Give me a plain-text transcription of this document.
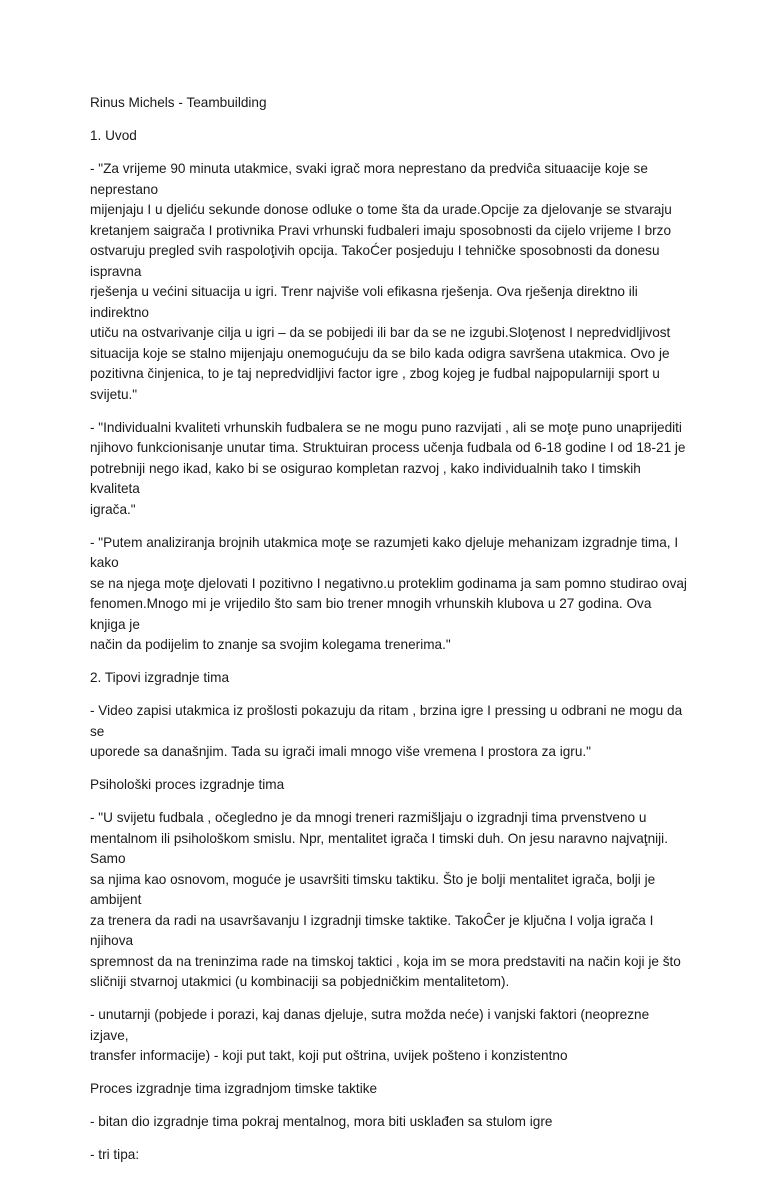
Rinus Michels - Teambuilding

1. Uvod

- "Za vrijeme 90 minuta utakmice, svaki igrač mora neprestano da predviĉa situaacije koje se neprestano
mijenjaju I u djeliću sekunde donose odluke o tome šta da urade.Opcije za djelovanje se stvaraju
kretanjem saigrača I protivnika Pravi vrhunski fudbaleri imaju sposobnosti da cijelo vrijeme I brzo
ostvaruju pregled svih raspoloţivih opcija. TakoĆer posjeduju I tehničke sposobnosti da donesu ispravna
rješenja u većini situacija u igri. Trenr najviše voli efikasna rješenja. Ova rješenja direktno ili indirektno
utiču na ostvarivanje cilja u igri – da se pobijedi ili bar da se ne izgubi.Sloţenost I nepredvidljivost
situacija koje se stalno mijenjaju onemogućuju da se bilo kada odigra savršena utakmica. Ovo je
pozitivna činjenica, to je taj nepredvidljivi factor igre , zbog kojeg je fudbal najpopularniji sport u svijetu."

- "Individualni kvaliteti vrhunskih fudbalera se ne mogu puno razvijati , ali se moţe puno unaprijediti
njihovo funkcionisanje unutar tima. Struktuiran process učenja fudbala od 6-18 godine I od 18-21 je
potrebniji nego ikad, kako bi se osigurao kompletan razvoj , kako individualnih tako I timskih kvaliteta
igrača."

- "Putem analiziranja brojnih utakmica moţe se razumjeti kako djeluje mehanizam izgradnje tima, I kako
se na njega moţe djelovati I pozitivno I negativno.u proteklim godinama ja sam pomno studirao ovaj
fenomen.Mnogo mi je vrijedilo što sam bio trener mnogih vrhunskih klubova u 27 godina. Ova knjiga je
način da podijelim to znanje sa svojim kolegama trenerima."

2. Tipovi izgradnje tima

- Video zapisi utakmica iz prošlosti pokazuju da ritam , brzina igre I pressing u odbrani ne mogu da se
uporede sa današnjim. Tada su igrači imali mnogo više vremena I prostora za igru."

Psihološki proces izgradnje tima

- "U svijetu fudbala , očegledno je da mnogi treneri razmišljaju o izgradnji tima prvenstveno u
mentalnom ili psihološkom smislu. Npr, mentalitet igrača I timski duh. On jesu naravno najvaţniji. Samo
sa njima kao osnovom, moguće je usavršiti timsku taktiku. Što je bolji mentalitet igrača, bolji je ambijent
za trenera da radi na usavršavanju I izgradnji timske taktike. TakoĈer je ključna I volja igrača I njihova
spremnost da na treninzima rade na timskoj taktici , koja im se mora predstaviti na način koji je što
sličniji stvarnoj utakmici (u kombinaciji sa pobjedničkim mentalitetom).

- unutarnji (pobjede i porazi, kaj danas djeluje, sutra možda neće) i vanjski faktori (neoprezne izjave,
transfer informacije) - koji put takt, koji put oštrina, uvijek pošteno i konzistentno

Proces izgradnje tima izgradnjom timske taktike

- bitan dio izgradnje tima pokraj mentalnog, mora biti usklađen sa stulom igre

- tri tipa:
